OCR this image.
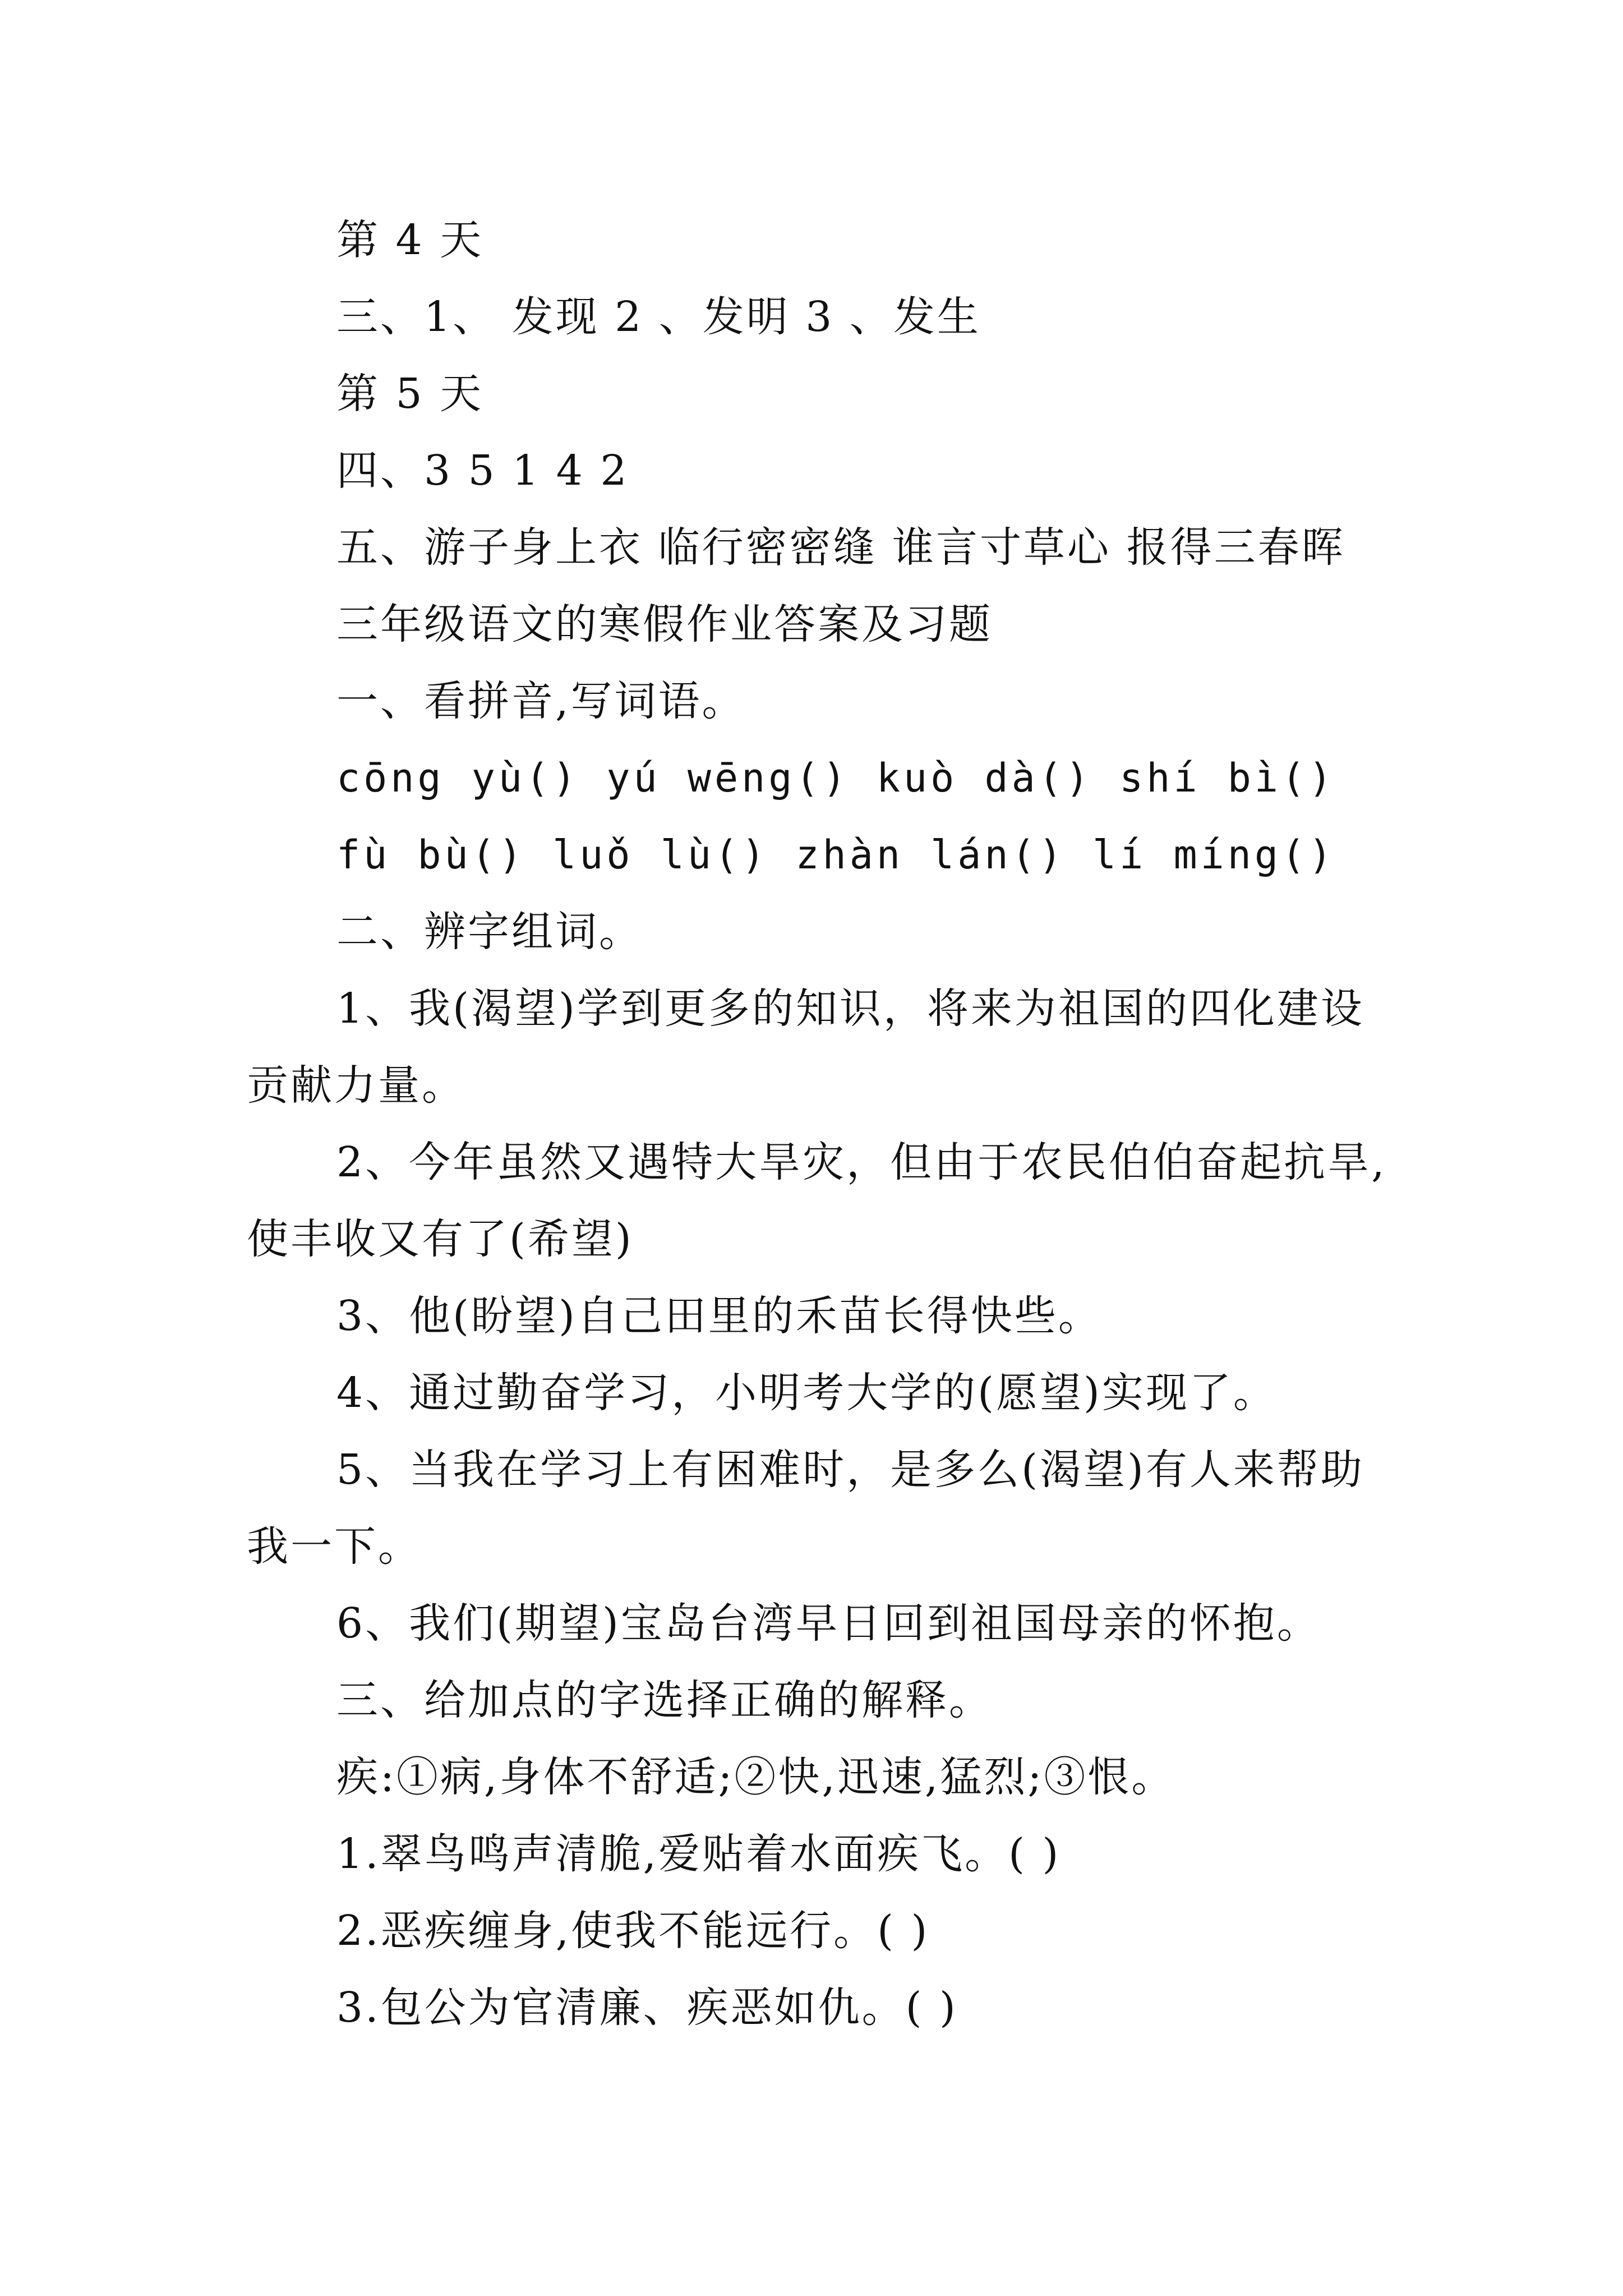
第 4 天
三、1、 发现 2 、发明 3 、发生
第 5 天
四、3 5 1 4 2
五、游子身上衣 临行密密缝 谁言寸草心 报得三春晖
三年级语文的寒假作业答案及习题
一、看拼音,写词语。
cōng yù() yú wēng() kuò dà() shí bì()
fù bù() luǒ lù() zhàn lán() lí míng()
二、辨字组词。
1、我(渴望)学到更多的知识，将来为祖国的四化建设
贡献力量。
2、今年虽然又遇特大旱灾，但由于农民伯伯奋起抗旱,
使丰收又有了(希望)
3、他(盼望)自己田里的禾苗长得快些。
4、通过勤奋学习，小明考大学的(愿望)实现了。
5、当我在学习上有困难时，是多么(渴望)有人来帮助
我一下。
6、我们(期望)宝岛台湾早日回到祖国母亲的怀抱。
三、给加点的字选择正确的解释。
疾:①病,身体不舒适;②快,迅速,猛烈;③恨。
1.翠鸟鸣声清脆,爱贴着水面疾飞。( )
2.恶疾缠身,使我不能远行。( )
3.包公为官清廉、疾恶如仇。( )
